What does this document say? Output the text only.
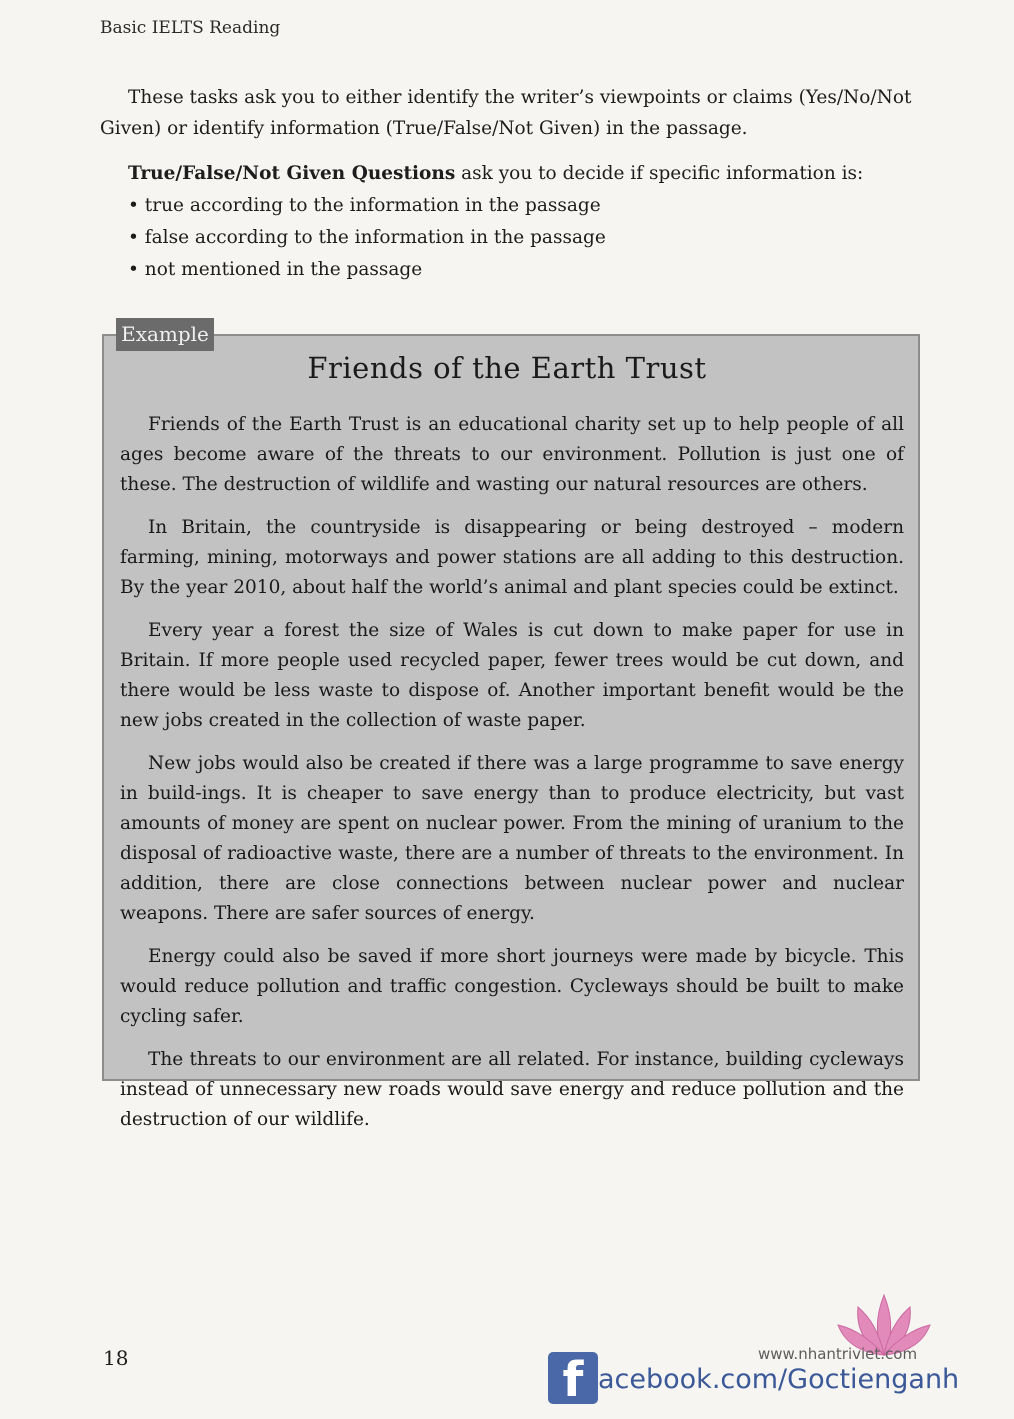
Basic IELTS Reading

These tasks ask you to either identify the writer’s viewpoints or claims (Yes/No/Not Given) or identify information (True/False/Not Given) in the passage.

True/False/Not Given Questions ask you to decide if specific information is:
• true according to the information in the passage
• false according to the information in the passage
• not mentioned in the passage
Example
Friends of the Earth Trust

Friends of the Earth Trust is an educational charity set up to help people of all ages become aware of the threats to our environment. Pollution is just one of these. The destruction of wildlife and wasting our natural resources are others.

In Britain, the countryside is disappearing or being destroyed – modern farming, mining, motorways and power stations are all adding to this destruction. By the year 2010, about half the world’s animal and plant species could be extinct.

Every year a forest the size of Wales is cut down to make paper for use in Britain. If more people used recycled paper, fewer trees would be cut down, and there would be less waste to dispose of. Another important benefit would be the new jobs created in the collection of waste paper.

New jobs would also be created if there was a large programme to save energy in build-ings. It is cheaper to save energy than to produce electricity, but vast amounts of money are spent on nuclear power. From the mining of uranium to the disposal of radioactive waste, there are a number of threats to the environment. In addition, there are close connections between nuclear power and nuclear weapons. There are safer sources of energy.

Energy could also be saved if more short journeys were made by bicycle. This would reduce pollution and traffic congestion. Cycleways should be built to make cycling safer.

The threats to our environment are all related. For instance, building cycleways instead of unnecessary new roads would save energy and reduce pollution and the destruction of our wildlife.

18	www.nhantriviet.com
f acebook.com/Goctienganh
